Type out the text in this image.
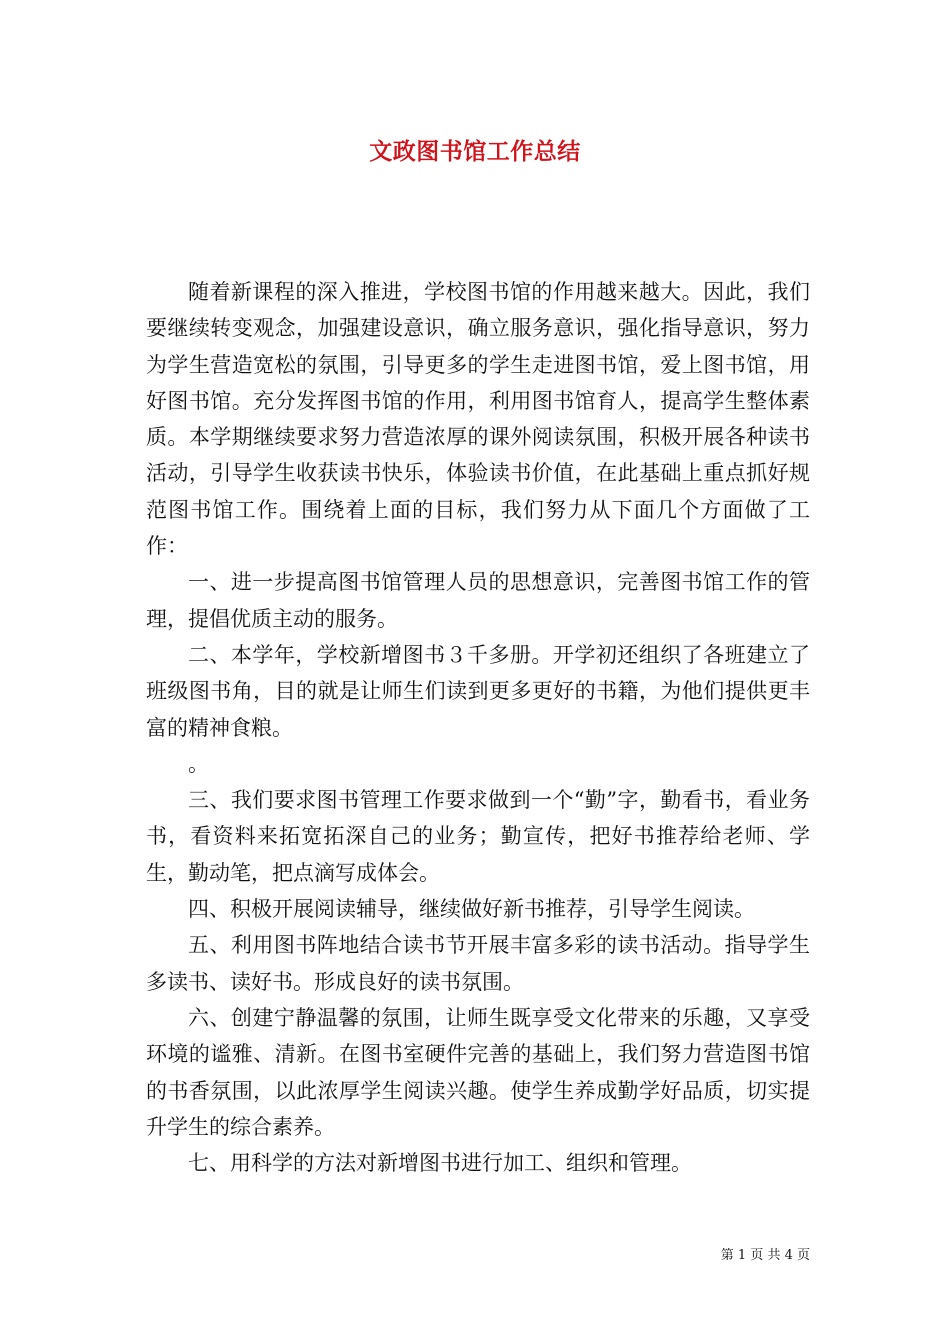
文政图书馆工作总结

随着新课程的深入推进，学校图书馆的作用越来越大。因此，我们要继续转变观念，加强建设意识，确立服务意识，强化指导意识，努力为学生营造宽松的氛围，引导更多的学生走进图书馆，爱上图书馆，用好图书馆。充分发挥图书馆的作用，利用图书馆育人，提高学生整体素质。本学期继续要求努力营造浓厚的课外阅读氛围，积极开展各种读书活动，引导学生收获读书快乐，体验读书价值，在此基础上重点抓好规范图书馆工作。围绕着上面的目标，我们努力从下面几个方面做了工作：

一、进一步提高图书馆管理人员的思想意识，完善图书馆工作的管理，提倡优质主动的服务。

二、本学年，学校新增图书３千多册。开学初还组织了各班建立了班级图书角，目的就是让师生们读到更多更好的书籍，为他们提供更丰富的精神食粮。

。

三、我们要求图书管理工作要求做到一个“勤”字，勤看书，看业务书，看资料来拓宽拓深自己的业务；勤宣传，把好书推荐给老师、学生，勤动笔，把点滴写成体会。

四、积极开展阅读辅导，继续做好新书推荐，引导学生阅读。

五、利用图书阵地结合读书节开展丰富多彩的读书活动。指导学生多读书、读好书。形成良好的读书氛围。

六、创建宁静温馨的氛围，让师生既享受文化带来的乐趣，又享受环境的谧雅、清新。在图书室硬件完善的基础上，我们努力营造图书馆的书香氛围，以此浓厚学生阅读兴趣。使学生养成勤学好品质，切实提升学生的综合素养。

七、用科学的方法对新增图书进行加工、组织和管理。

第 1 页 共 4 页
